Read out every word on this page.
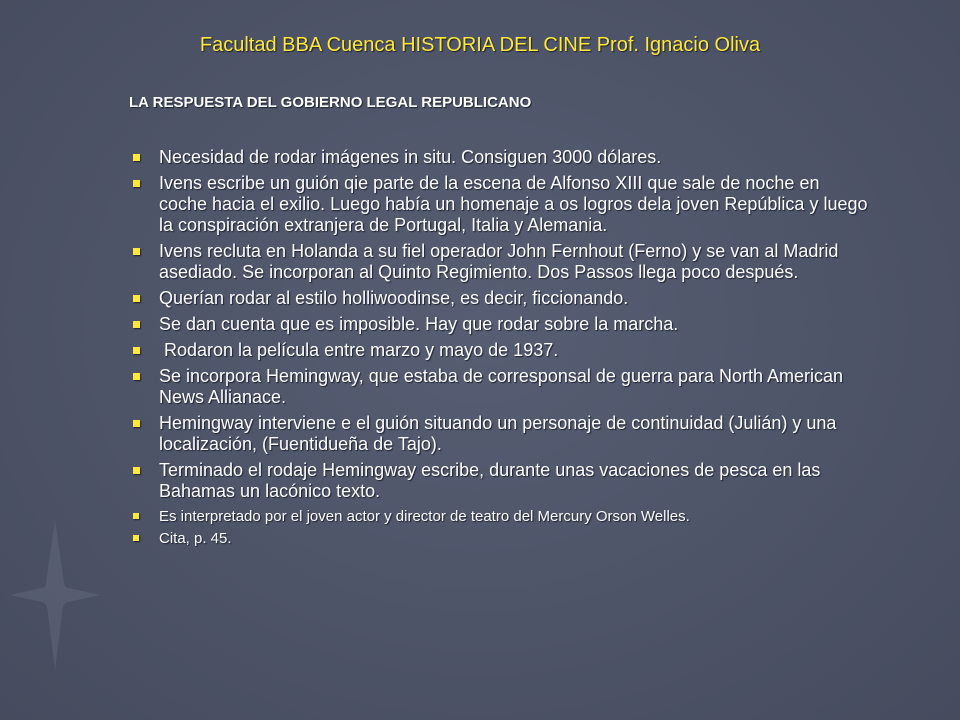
Facultad BBA Cuenca HISTORIA DEL CINE Prof. Ignacio Oliva
LA RESPUESTA DEL GOBIERNO LEGAL REPUBLICANO
Necesidad de rodar imágenes in situ. Consiguen 3000 dólares.
Ivens escribe un guión qie parte de la escena de Alfonso XIII que sale de noche en coche hacia el exilio. Luego había un homenaje a os logros dela joven República y luego la conspiración extranjera de Portugal, Italia y Alemania.
Ivens recluta en Holanda a su fiel operador John Fernhout (Ferno) y se van al Madrid asediado. Se incorporan al Quinto Regimiento. Dos Passos llega poco después.
Querían rodar al estilo holliwoodinse, es decir, ficcionando.
Se dan cuenta que es imposible. Hay que rodar sobre la marcha.
Rodaron la película entre marzo y mayo de 1937.
Se incorpora Hemingway, que estaba de corresponsal de guerra para North American News Allianace.
Hemingway interviene e el guión situando un personaje de continuidad (Julián) y una localización, (Fuentidueña de Tajo).
Terminado el rodaje Hemingway escribe, durante unas vacaciones de pesca en las Bahamas un lacónico texto.
Es interpretado por el joven actor y director de teatro del Mercury Orson Welles.
Cita, p. 45.
